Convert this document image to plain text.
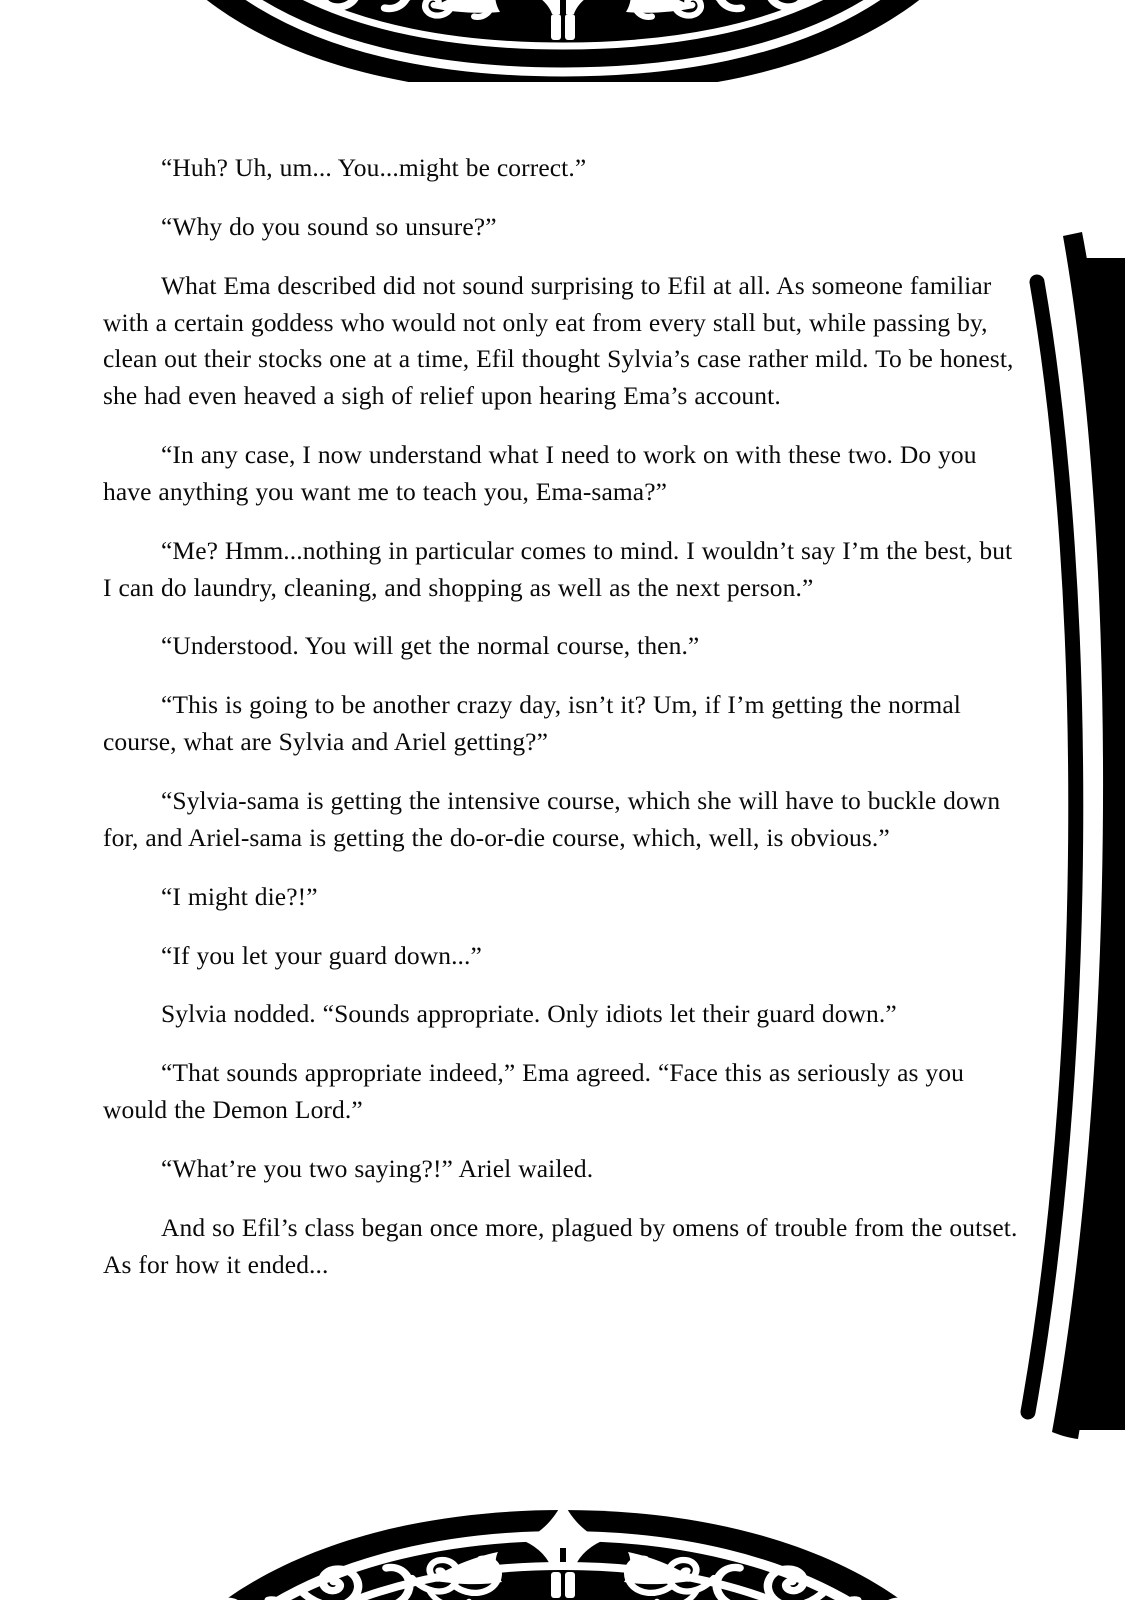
“Huh? Uh, um... You...might be correct.”

“Why do you sound so unsure?”

What Ema described did not sound surprising to Efil at all. As someone familiar with a certain goddess who would not only eat from every stall but, while passing by, clean out their stocks one at a time, Efil thought Sylvia’s case rather mild. To be honest, she had even heaved a sigh of relief upon hearing Ema’s account.

“In any case, I now understand what I need to work on with these two. Do you have anything you want me to teach you, Ema-sama?”

“Me? Hmm...nothing in particular comes to mind. I wouldn’t say I’m the best, but I can do laundry, cleaning, and shopping as well as the next person.”

“Understood. You will get the normal course, then.”

“This is going to be another crazy day, isn’t it? Um, if I’m getting the normal course, what are Sylvia and Ariel getting?”

“Sylvia-sama is getting the intensive course, which she will have to buckle down for, and Ariel-sama is getting the do-or-die course, which, well, is obvious.”

“I might die?!”

“If you let your guard down...”

Sylvia nodded. “Sounds appropriate. Only idiots let their guard down.”

“That sounds appropriate indeed,” Ema agreed. “Face this as seriously as you would the Demon Lord.”

“What’re you two saying?!” Ariel wailed.

And so Efil’s class began once more, plagued by omens of trouble from the outset. As for how it ended...
